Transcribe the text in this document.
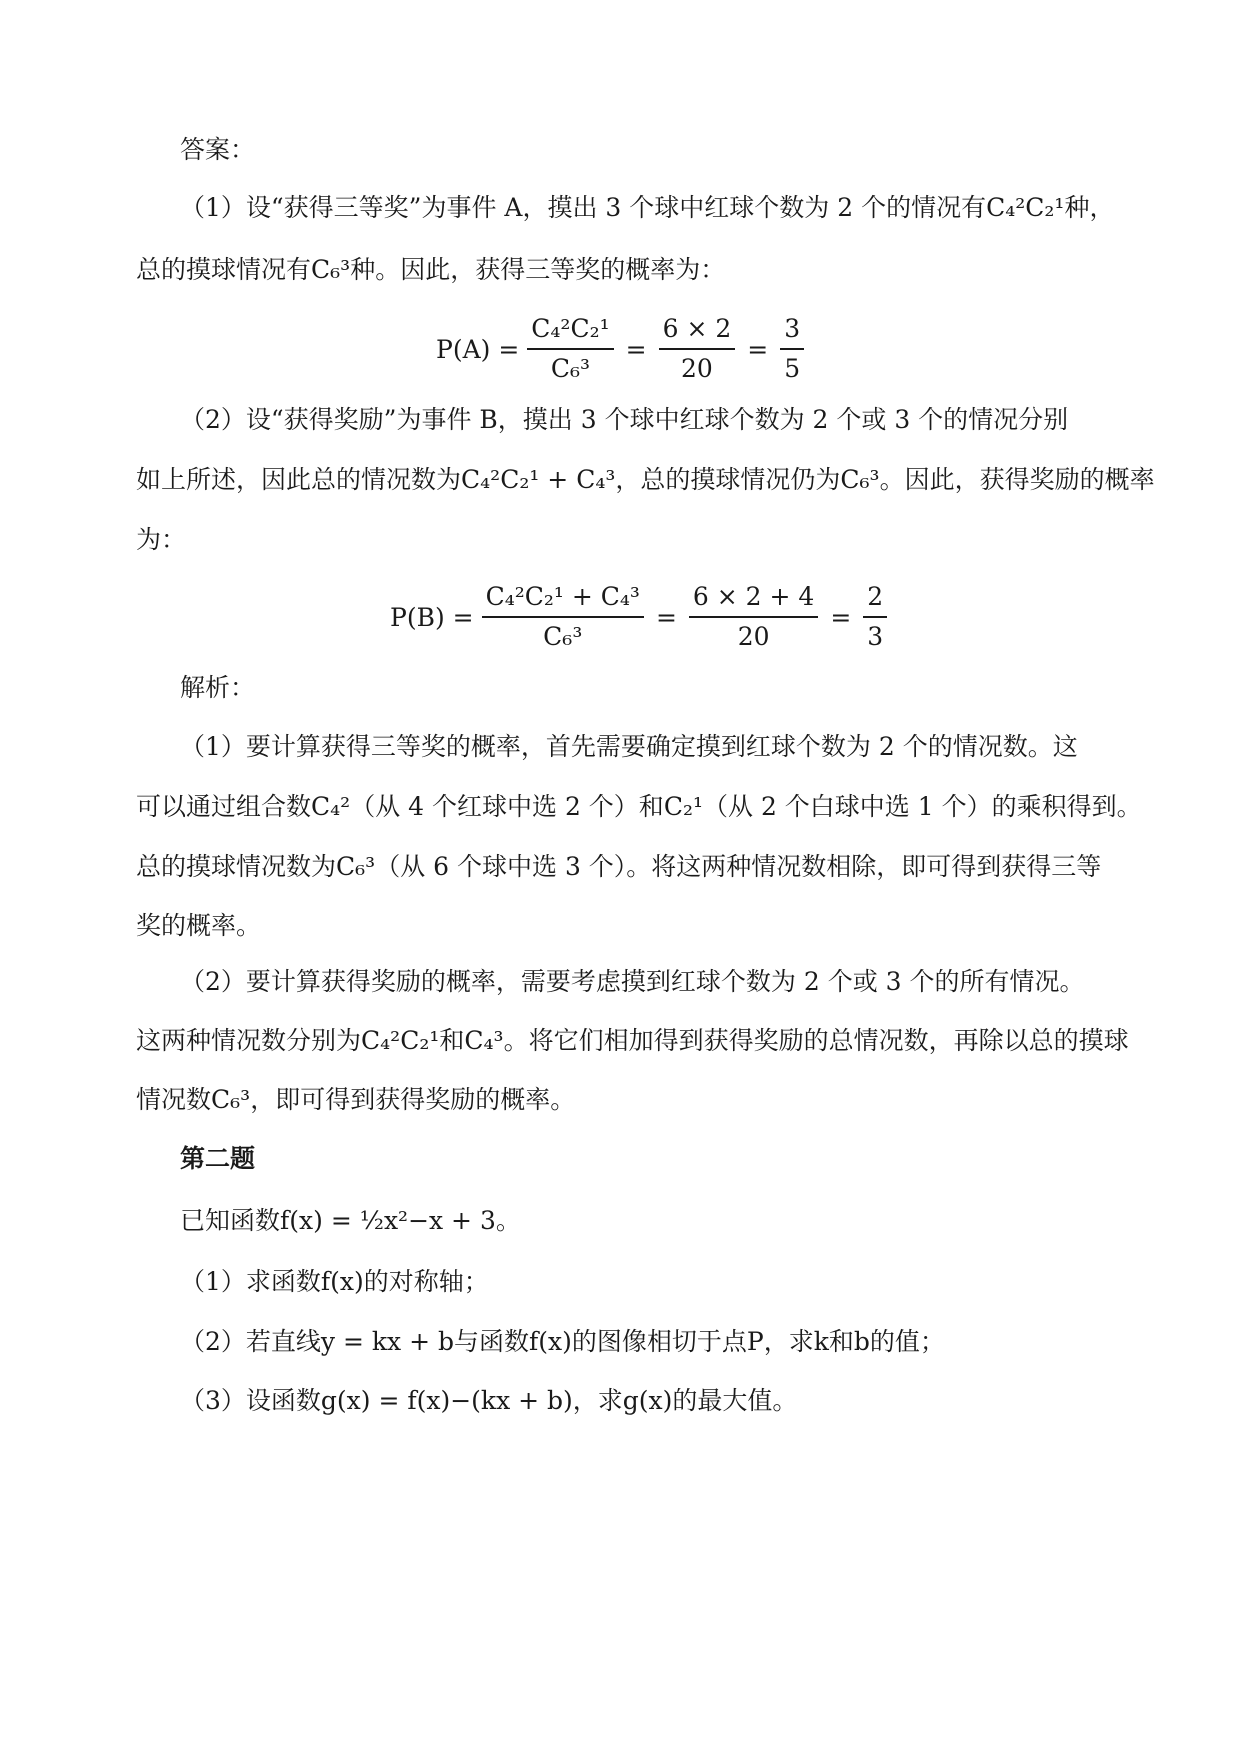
答案：
（1）设“获得三等奖”为事件 A，摸出 3 个球中红球个数为 2 个的情况有C₄²C₂¹种，
总的摸球情况有C₆³种。因此，获得三等奖的概率为：
$P(A) = \frac{\text{C₄²C₂¹}}{\text{C₆³}} = \frac{6 \times 2}{20} = \frac{3}{5}$
（2）设“获得奖励”为事件 B，摸出 3 个球中红球个数为 2 个或 3 个的情况分别
如上所述，因此总的情况数为C₄²C₂¹ + C₄³，总的摸球情况仍为C₆³。因此，获得奖励的概率
为：
$P(B) = \frac{\text{C₄²C₂¹ + C₄³}}{\text{C₆³}} = \frac{6 \times 2 + 4}{20} = \frac{2}{3}$
解析：
（1）要计算获得三等奖的概率，首先需要确定摸到红球个数为 2 个的情况数。这
可以通过组合数C₄²（从 4 个红球中选 2 个）和C₂¹（从 2 个白球中选 1 个）的乘积得到。
总的摸球情况数为C₆³（从 6 个球中选 3 个）。将这两种情况数相除，即可得到获得三等
奖的概率。
（2）要计算获得奖励的概率，需要考虑摸到红球个数为 2 个或 3 个的所有情况。
这两种情况数分别为C₄²C₂¹和C₄³。将它们相加得到获得奖励的总情况数，再除以总的摸球
情况数C₆³，即可得到获得奖励的概率。
第二题
已知函数f(x) = ½x²−x + 3。
（1）求函数f(x)的对称轴；
（2）若直线y = kx + b与函数f(x)的图像相切于点P，求k和b的值；
（3）设函数g(x) = f(x)−(kx + b)，求g(x)的最大值。
